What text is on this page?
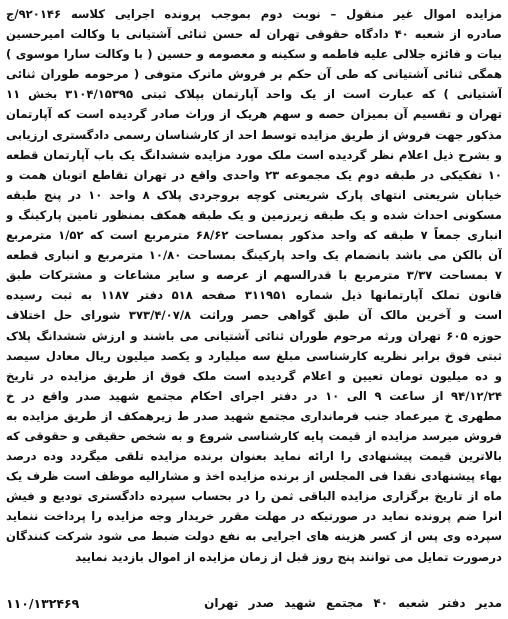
مزایده اموال غیر منقول – نوبت دوم بموجب پرونده اجرایی کلاسه ۹۲۰۱۴۶/ج
صادره از شعبه ۴۰ دادگاه حقوقی تهران له حسن ثنائی آشتیانی با وکالت امیرحسین
بیات و فائزه جلالی علیه فاطمه و سکینه و معصومه و حسین ( با وکالت سارا موسوی )
همگی ثنائی آشتیانی که طی آن حکم بر فروش ماترک متوفی ( مرحومه طوران ثنائی
آشتیانی ) که عبارت است از یک واحد آپارتمان بپلاک ثبتی ۳۱۰۴/۱۵۳۹۵ بخش ۱۱
تهران و تقسیم آن بمیزان حصه و سهم هریک از وراث صادر گردیده است که آپارتمان
مذکور جهت فروش از طریق مزایده توسط احد از کارشناسان رسمی دادگستری ارزیابی
و بشرح ذیل اعلام نظر گردیده است ملک مورد مزایده ششدانگ یک باب آپارتمان قطعه
۱۰ تفکیکی در طبقه دوم یک مجموعه ۲۳ واحدی واقع در تهران تقاطع اتوبان همت و
خیابان شریعتی انتهای پارک شریعتی کوچه بروجردی پلاک ۸ واحد ۱۰ در پنج طبقه
مسکونی احداث شده و یک طبقه زیرزمین و یک طبقه همکف بمنظور تامین پارکینگ و
انباری جمعاً ۷ طبقه که واحد مذکور بمساحت ۶۸/۶۲ مترمربع است که ۱/۵۲ مترمربع
آن بالکن می باشد بانضمام یک واحد پارکینگ بمساحت ۱۰/۸۰ مترمربع و انباری قطعه
۷ بمساحت ۳/۳۷ مترمربع با قدرالسهم از عرصه و سایر مشاعات و مشترکات طبق
قانون تملک آپارتمانها ذیل شماره ۳۱۱۹۵۱ صفحه ۵۱۸ دفتر ۱۱۸۷ به ثبت رسیده
است و آخرین مالک آن طبق گواهی حصر وراثت ۳۷۳/۴/۰۷/۸ شورای حل اختلاف
حوزه ۶۰۵ تهران ورثه مرحوم طوران ثنائی آشتیانی می باشند و ارزش ششدانگ پلاک
ثبتی فوق برابر نظریه کارشناسی مبلغ سه میلیارد و یکصد میلیون ریال معادل سیصد
و ده میلیون تومان تعیین و اعلام گردیده است ملک فوق از طریق مزایده در تاریخ
۹۴/۱۲/۲۴ از ساعت ۹ الی ۱۰ در دفتر اجرای احکام مجتمع شهید صدر واقع در خ
مطهری خ میرعماد جنب فرمانداری مجتمع شهید صدر ط زیرهمکف از طریق مزایده به
فروش میرسد مزایده از قیمت پایه کارشناسی شروع و به شخص حقیقی و حقوقی که
بالاترین قیمت پیشنهادی را ارائه نماید بعنوان برنده مزایده تلقی میگردد وده درصد
بهاء پیشنهادی نقدا فی المجلس از برنده مزایده اخذ و مشارالیه موظف است ظرف یک
ماه از تاریخ برگزاری مزایده الباقی ثمن را در بحساب سپرده دادگستری تودیع و فیش
انرا ضم پرونده نماید در صورتیکه در مهلت مقرر خریدار وجه مزایده را پرداخت ننماید
سپرده وی پس از کسر هزینه های اجرایی به نفع دولت ضبط می شود شرکت کنندگان
درصورت تمایل می توانند پنج روز قبل از زمان مزایده از اموال بازدید نمایید
مدیر دفتر شعبه ۴۰ مجتمع شهید صدر تهران
۱۱۰/۱۳۲۴۶۹
